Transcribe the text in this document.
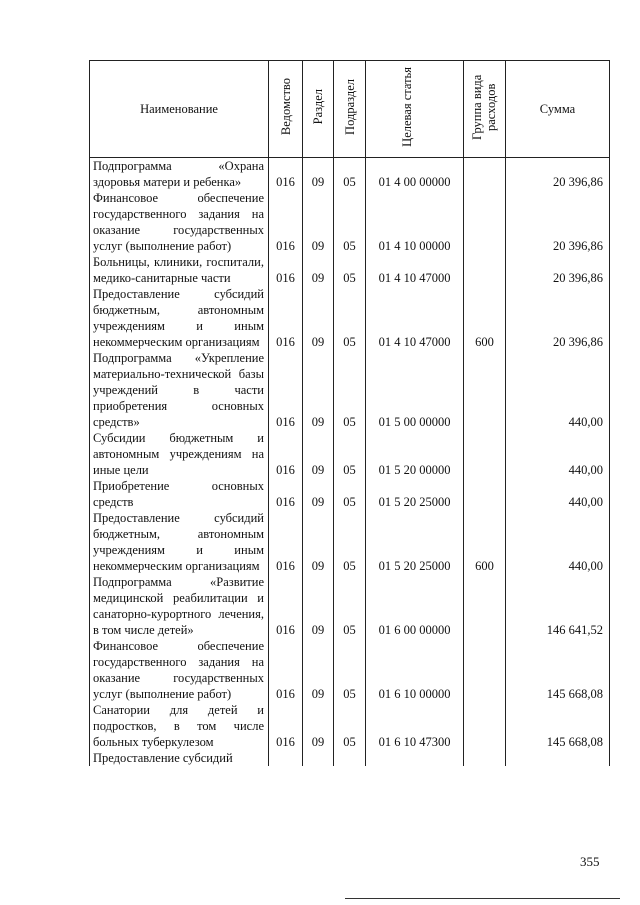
Наименование	Ведомство	Раздел	Подраздел	Целевая статья	Группа вида расходов	Сумма
Подпрограмма «Охрана здоровья матери и ребенка»	016	09	05	01 4 00 00000		20 396,86
Финансовое обеспечение государственного задания на оказание государственных услуг (выполнение работ)	016	09	05	01 4 10 00000		20 396,86
Больницы, клиники, госпитали, медико-санитарные части	016	09	05	01 4 10 47000		20 396,86
Предоставление субсидий бюджетным, автономным учреждениям и иным некоммерческим организациям	016	09	05	01 4 10 47000	600	20 396,86
Подпрограмма «Укрепление материально-технической базы учреждений в части приобретения основных средств»	016	09	05	01 5 00 00000		440,00
Субсидии бюджетным и автономным учреждениям на иные цели	016	09	05	01 5 20 00000		440,00
Приобретение основных средств	016	09	05	01 5 20 25000		440,00
Предоставление субсидий бюджетным, автономным учреждениям и иным некоммерческим организациям	016	09	05	01 5 20 25000	600	440,00
Подпрограмма «Развитие медицинской реабилитации и санаторно-курортного лечения, в том числе детей»	016	09	05	01 6 00 00000		146 641,52
Финансовое обеспечение государственного задания на оказание государственных услуг (выполнение работ)	016	09	05	01 6 10 00000		145 668,08
Санатории для детей и подростков, в том числе больных туберкулезом	016	09	05	01 6 10 47300		145 668,08
Предоставление субсидий						
355
